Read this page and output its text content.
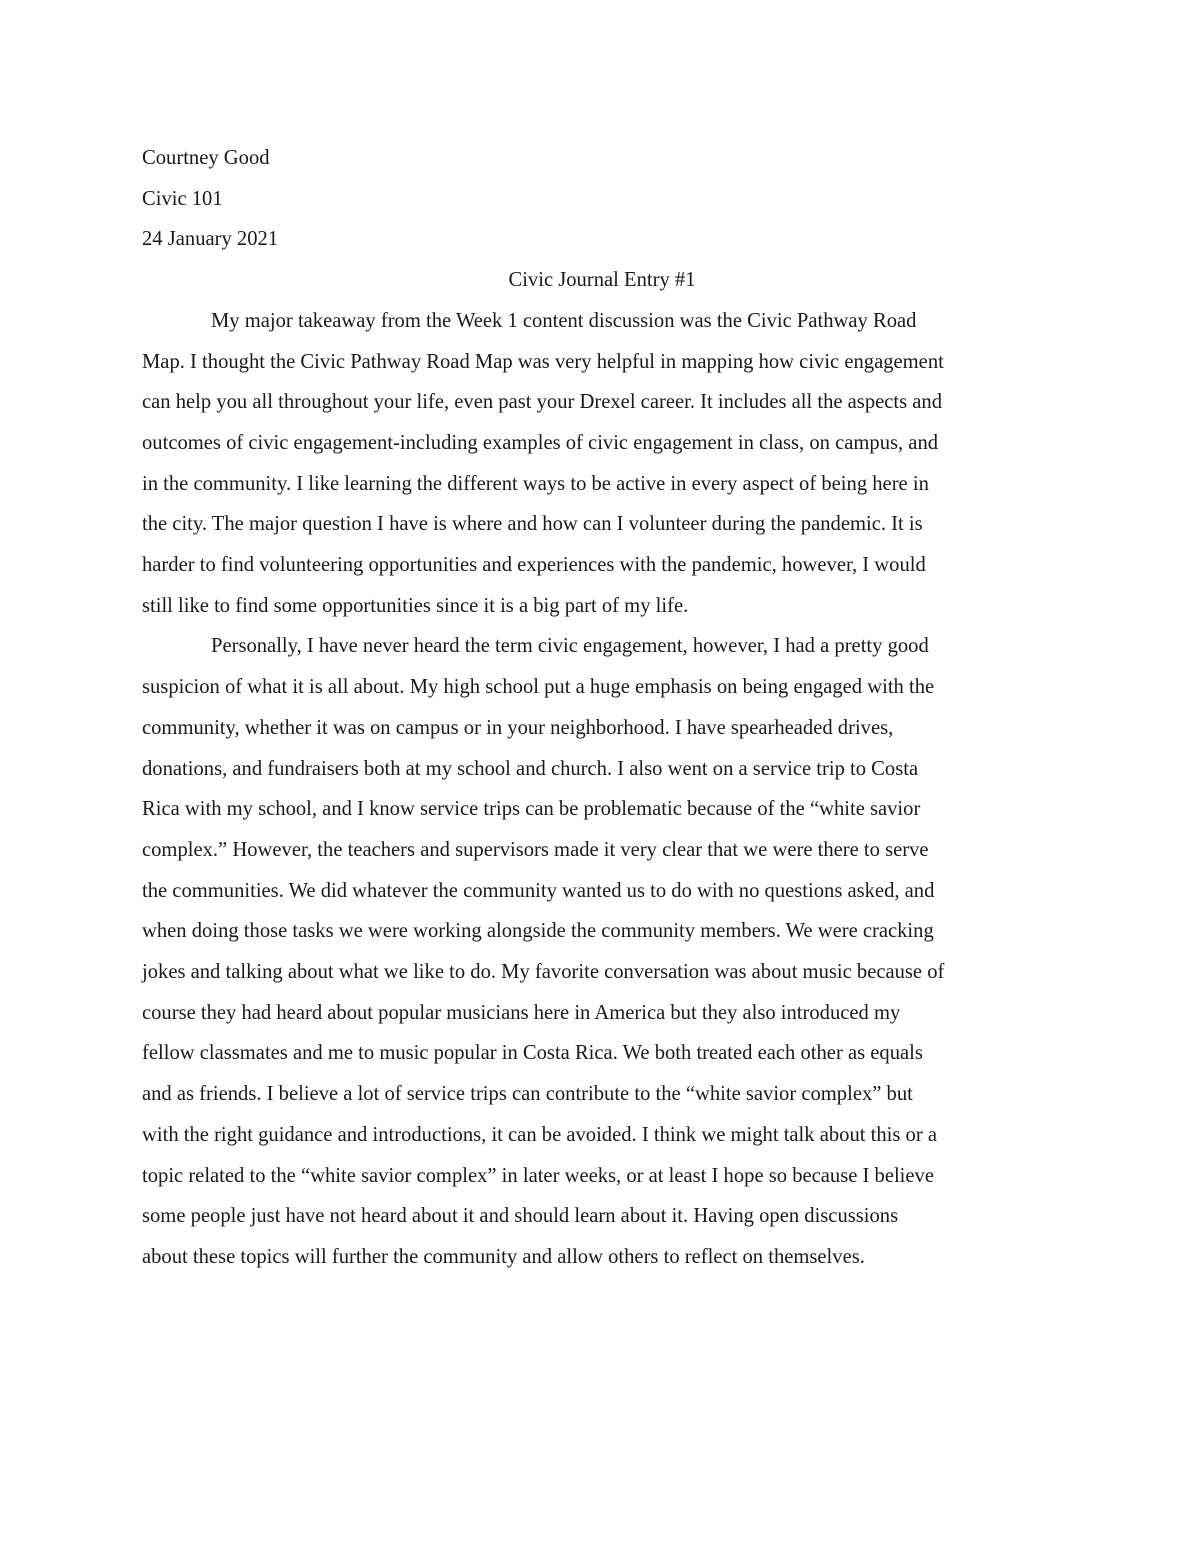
Courtney Good
Civic 101
24 January 2021
Civic Journal Entry #1
My major takeaway from the Week 1 content discussion was the Civic Pathway Road
Map. I thought the Civic Pathway Road Map was very helpful in mapping how civic engagement
can help you all throughout your life, even past your Drexel career. It includes all the aspects and
outcomes of civic engagement-including examples of civic engagement in class, on campus, and
in the community. I like learning the different ways to be active in every aspect of being here in
the city. The major question I have is where and how can I volunteer during the pandemic. It is
harder to find volunteering opportunities and experiences with the pandemic, however, I would
still like to find some opportunities since it is a big part of my life.
Personally, I have never heard the term civic engagement, however, I had a pretty good
suspicion of what it is all about. My high school put a huge emphasis on being engaged with the
community, whether it was on campus or in your neighborhood. I have spearheaded drives,
donations, and fundraisers both at my school and church. I also went on a service trip to Costa
Rica with my school, and I know service trips can be problematic because of the “white savior
complex.” However, the teachers and supervisors made it very clear that we were there to serve
the communities. We did whatever the community wanted us to do with no questions asked, and
when doing those tasks we were working alongside the community members. We were cracking
jokes and talking about what we like to do. My favorite conversation was about music because of
course they had heard about popular musicians here in America but they also introduced my
fellow classmates and me to music popular in Costa Rica. We both treated each other as equals
and as friends. I believe a lot of service trips can contribute to the “white savior complex” but
with the right guidance and introductions, it can be avoided. I think we might talk about this or a
topic related to the “white savior complex” in later weeks, or at least I hope so because I believe
some people just have not heard about it and should learn about it. Having open discussions
about these topics will further the community and allow others to reflect on themselves.
